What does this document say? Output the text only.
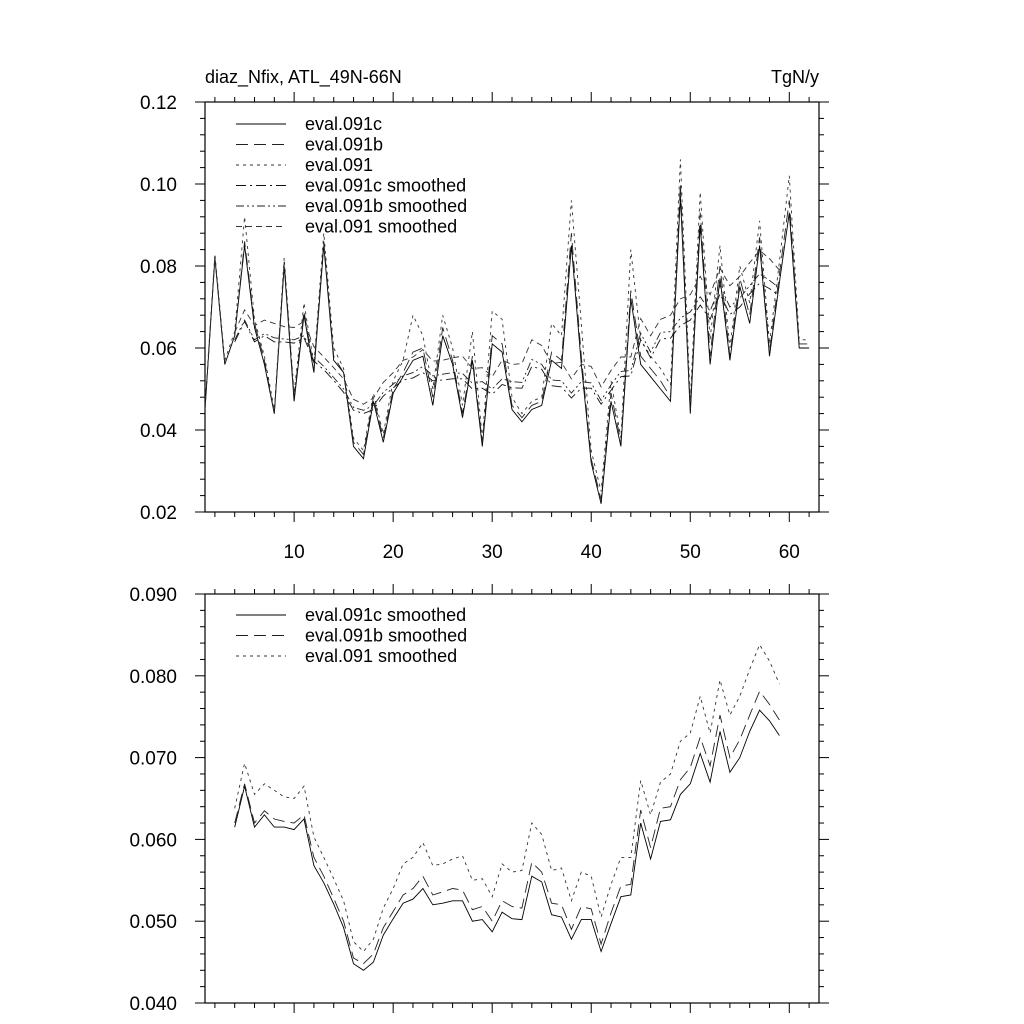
diaz_Nfix, ATL_49N-66N	TgN/y
10	20	30	40	50	60
0.02
0.04
0.06
0.08
0.10
0.12
eval.091c
eval.091b
eval.091
eval.091c smoothed
eval.091b smoothed
eval.091 smoothed
0.040
0.050
0.060
0.070
0.080
0.090
eval.091c smoothed
eval.091b smoothed
eval.091 smoothed
